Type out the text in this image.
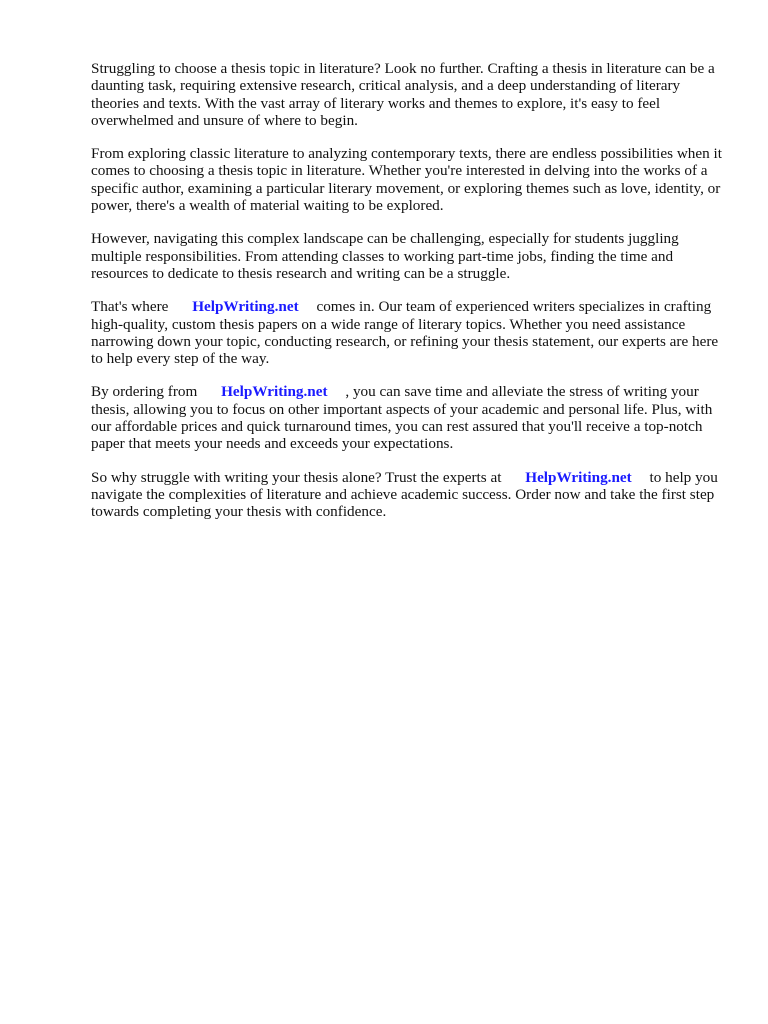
Struggling to choose a thesis topic in literature? Look no further. Crafting a thesis in literature can be a daunting task, requiring extensive research, critical analysis, and a deep understanding of literary theories and texts. With the vast array of literary works and themes to explore, it's easy to feel overwhelmed and unsure of where to begin.

From exploring classic literature to analyzing contemporary texts, there are endless possibilities when it comes to choosing a thesis topic in literature. Whether you're interested in delving into the works of a specific author, examining a particular literary movement, or exploring themes such as love, identity, or power, there's a wealth of material waiting to be explored.

However, navigating this complex landscape can be challenging, especially for students juggling multiple responsibilities. From attending classes to working part-time jobs, finding the time and resources to dedicate to thesis research and writing can be a struggle.

That's where HelpWriting.net comes in. Our team of experienced writers specializes in crafting high-quality, custom thesis papers on a wide range of literary topics. Whether you need assistance narrowing down your topic, conducting research, or refining your thesis statement, our experts are here to help every step of the way.

By ordering from HelpWriting.net , you can save time and alleviate the stress of writing your thesis, allowing you to focus on other important aspects of your academic and personal life. Plus, with our affordable prices and quick turnaround times, you can rest assured that you'll receive a top-notch paper that meets your needs and exceeds your expectations.

So why struggle with writing your thesis alone? Trust the experts at HelpWriting.net to help you navigate the complexities of literature and achieve academic success. Order now and take the first step towards completing your thesis with confidence.
